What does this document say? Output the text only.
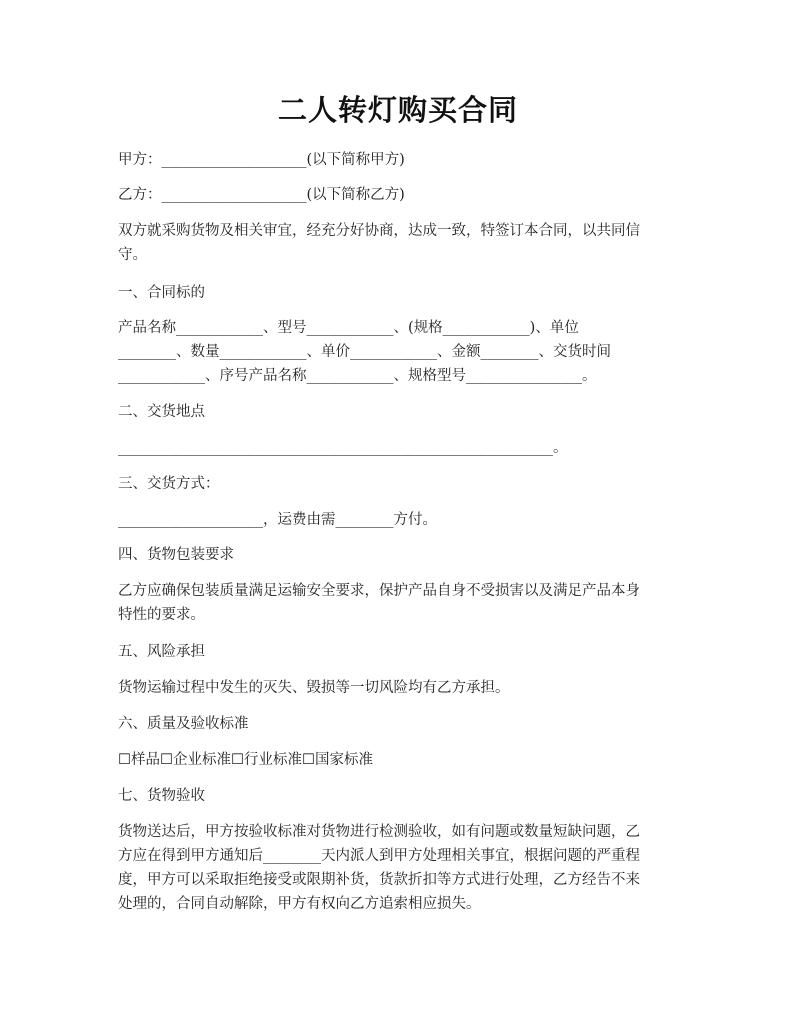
二人转灯购买合同
甲方：____________________(以下简称甲方)
乙方：____________________(以下简称乙方)
双方就采购货物及相关审宜，经充分好协商，达成一致，特签订本合同，以共同信
守。
一、合同标的
产品名称____________、型号____________、(规格____________)、单位
________、数量____________、单价____________、金额________、交货时间
____________、序号产品名称____________、规格型号________________。
二、交货地点
____________________________________________________________。
三、交货方式：
____________________，运费由需________方付。
四、货物包装要求
乙方应确保包装质量满足运输安全要求，保护产品自身不受损害以及满足产品本身
特性的要求。
五、风险承担
货物运输过程中发生的灭失、毁损等一切风险均有乙方承担。
六、质量及验收标准
☐样品☐企业标准☐行业标准☐国家标准
七、货物验收
货物送达后，甲方按验收标准对货物进行检测验收，如有问题或数量短缺问题，乙
方应在得到甲方通知后________天内派人到甲方处理相关事宜，根据问题的严重程
度，甲方可以采取拒绝接受或限期补货，货款折扣等方式进行处理，乙方经告不来
处理的，合同自动解除，甲方有权向乙方追索相应损失。
